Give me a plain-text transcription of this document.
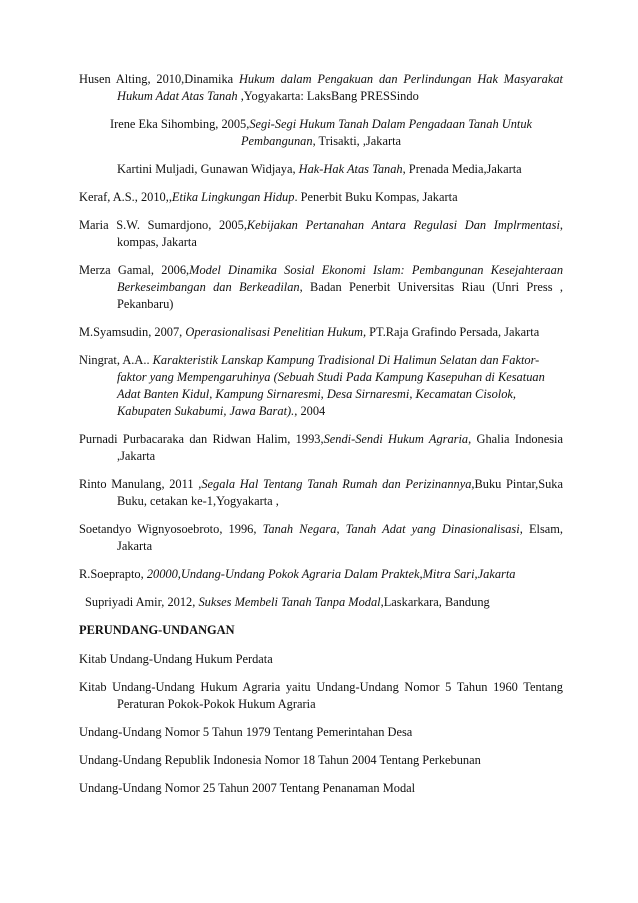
Husen Alting, 2010,Dinamika Hukum dalam Pengakuan dan Perlindungan Hak Masyarakat Hukum Adat Atas Tanah ,Yogyakarta: LaksBang PRESSindo
Irene Eka Sihombing, 2005,Segi-Segi Hukum Tanah Dalam Pengadaan Tanah Untuk Pembangunan, Trisakti, ,Jakarta
Kartini Muljadi, Gunawan Widjaya, Hak-Hak Atas Tanah, Prenada Media,Jakarta
Keraf, A.S., 2010,,Etika Lingkungan Hidup. Penerbit Buku Kompas, Jakarta
Maria S.W. Sumardjono, 2005,Kebijakan Pertanahan Antara Regulasi Dan Implrmentasi, kompas, Jakarta
Merza Gamal, 2006,Model Dinamika Sosial Ekonomi Islam: Pembangunan Kesejahteraan Berkeseimbangan dan Berkeadilan, Badan Penerbit Universitas Riau (Unri Press , Pekanbaru)
M.Syamsudin, 2007, Operasionalisasi Penelitian Hukum, PT.Raja Grafindo Persada, Jakarta
Ningrat, A.A.. Karakteristik Lanskap Kampung Tradisional Di Halimun Selatan dan Faktor-faktor yang Mempengaruhinya (Sebuah Studi Pada Kampung Kasepuhan di Kesatuan Adat Banten Kidul, Kampung Sirnaresmi, Desa Sirnaresmi, Kecamatan Cisolok, Kabupaten Sukabumi, Jawa Barat)., 2004
Purnadi Purbacaraka dan Ridwan Halim, 1993,Sendi-Sendi Hukum Agraria, Ghalia Indonesia ,Jakarta
Rinto Manulang, 2011 ,Segala Hal Tentang Tanah Rumah dan Perizinannya,Buku Pintar,Suka Buku, cetakan ke-1,Yogyakarta ,
Soetandyo Wignyosoebroto, 1996, Tanah Negara, Tanah Adat yang Dinasionalisasi, Elsam, Jakarta
R.Soeprapto, 20000,Undang-Undang Pokok Agraria Dalam Praktek,Mitra Sari,Jakarta
Supriyadi Amir, 2012, Sukses Membeli Tanah Tanpa Modal,Laskarkara, Bandung
PERUNDANG-UNDANGAN
Kitab Undang-Undang Hukum Perdata
Kitab Undang-Undang Hukum Agraria yaitu Undang-Undang Nomor 5 Tahun 1960 Tentang Peraturan Pokok-Pokok Hukum Agraria
Undang-Undang Nomor 5 Tahun 1979 Tentang Pemerintahan Desa
Undang-Undang Republik Indonesia Nomor 18 Tahun 2004 Tentang Perkebunan
Undang-Undang Nomor 25 Tahun 2007 Tentang Penanaman Modal
